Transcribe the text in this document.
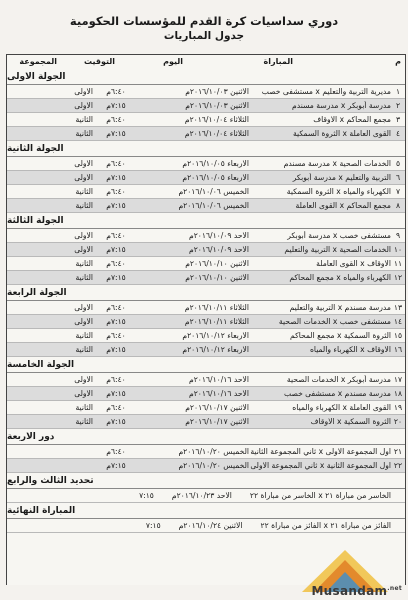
دوري سداسيات كرة القدم للمؤسسات الحكومية
جدول المباريات
م
المباراة
اليوم
التوقيت
المجموعة
الجولة الاولى
١
مديرية التربية والتعليم x مستشفى خصب
الاثنين ٢٠١٦/١٠/٠٣م
٦:٤٠م
الاولى
٢
مدرسة أبوبكر x مدرسة مسندم
الاثنين ٢٠١٦/١٠/٠٣م
٧:١٥م
الاولى
٣
مجمع المحاكم x الاوقاف
الثلاثاء ٢٠١٦/١٠/٠٤م
٦:٤٠م
الثانية
٤
القوى العاملة x الثروة السمكية
الثلاثاء ٢٠١٦/١٠/٠٤م
٧:١٥م
الثانية
الجولة الثانية
٥
الخدمات الصحية x مدرسة مسندم
الاربعاء ٢٠١٦/١٠/٠٥م
٦:٤٠م
الاولى
٦
التربية والتعليم x مدرسة أبوبكر
الاربعاء ٢٠١٦/١٠/٠٥م
٧:١٥م
الاولى
٧
الكهرباء والمياه x الثروة السمكية
الخميس ٢٠١٦/١٠/٠٦م
٦:٤٠م
الثانية
٨
مجمع المحاكم x القوى العاملة
الخميس ٢٠١٦/١٠/٠٦م
٧:١٥م
الثانية
الجولة الثالثة
٩
مستشفى خصب x مدرسة أبوبكر
الاحد ٢٠١٦/١٠/٠٩م
٦:٤٠م
الاولى
١٠
الخدمات الصحية x التربية والتعليم
الاحد ٢٠١٦/١٠/٠٩م
٧:١٥م
الاولى
١١
الاوقاف x القوى العاملة
الاثنين ٢٠١٦/١٠/١٠م
٦:٤٠م
الثانية
١٢
الكهرباء والمياه x مجمع المحاكم
الاثنين ٢٠١٦/١٠/١٠م
٧:١٥م
الثانية
الجولة الرابعة
١٣
مدرسة مسندم x التربية والتعليم
الثلاثاء ٢٠١٦/١٠/١١م
٦:٤٠م
الاولى
١٤
مستشفى خصب x الخدمات الصحية
الثلاثاء ٢٠١٦/١٠/١١م
٧:١٥م
الاولى
١٥
الثروة السمكية x مجمع المحاكم
الاربعاء ٢٠١٦/١٠/١٢م
٦:٤٠م
الثانية
١٦
الاوقاف x الكهرباء والمياه
الاربعاء ٢٠١٦/١٠/١٢م
٧:١٥م
الثانية
الجولة الخامسة
١٧
مدرسة أبوبكر x الخدمات الصحية
الاحد ٢٠١٦/١٠/١٦م
٦:٤٠م
الاولى
١٨
مدرسة مسندم x مستشفى خصب
الاحد ٢٠١٦/١٠/١٦م
٧:١٥م
الاولى
١٩
القوى العاملة x الكهرباء والمياه
الاثنين ٢٠١٦/١٠/١٧م
٦:٤٠م
الثانية
٢٠
الثروة السمكية x الاوقاف
الاثنين ٢٠١٦/١٠/١٧م
٧:١٥م
الثانية
دور الاربعة
٢١
اول المجموعة الاولى x ثاني المجموعة الثانية
الخميس ٢٠١٦/١٠/٢٠م
٦:٤٠م
٢٢
اول المجموعة الثانية x ثاني المجموعة الاولى
الخميس ٢٠١٦/١٠/٢٠م
٧:١٥م
تحديد الثالث والرابع
الخاسر من مباراة ٢١ x الخاسر من مباراة ٢٢
الاحد ٢٠١٦/١٠/٢٣م
٧:١٥
المباراة النهائية
الفائز من مباراة ٢١ x الفائز من مباراة ٢٢
الاثنين ٢٠١٦/١٠/٢٤م
٧:١٥
Musandam$^{.net}$
